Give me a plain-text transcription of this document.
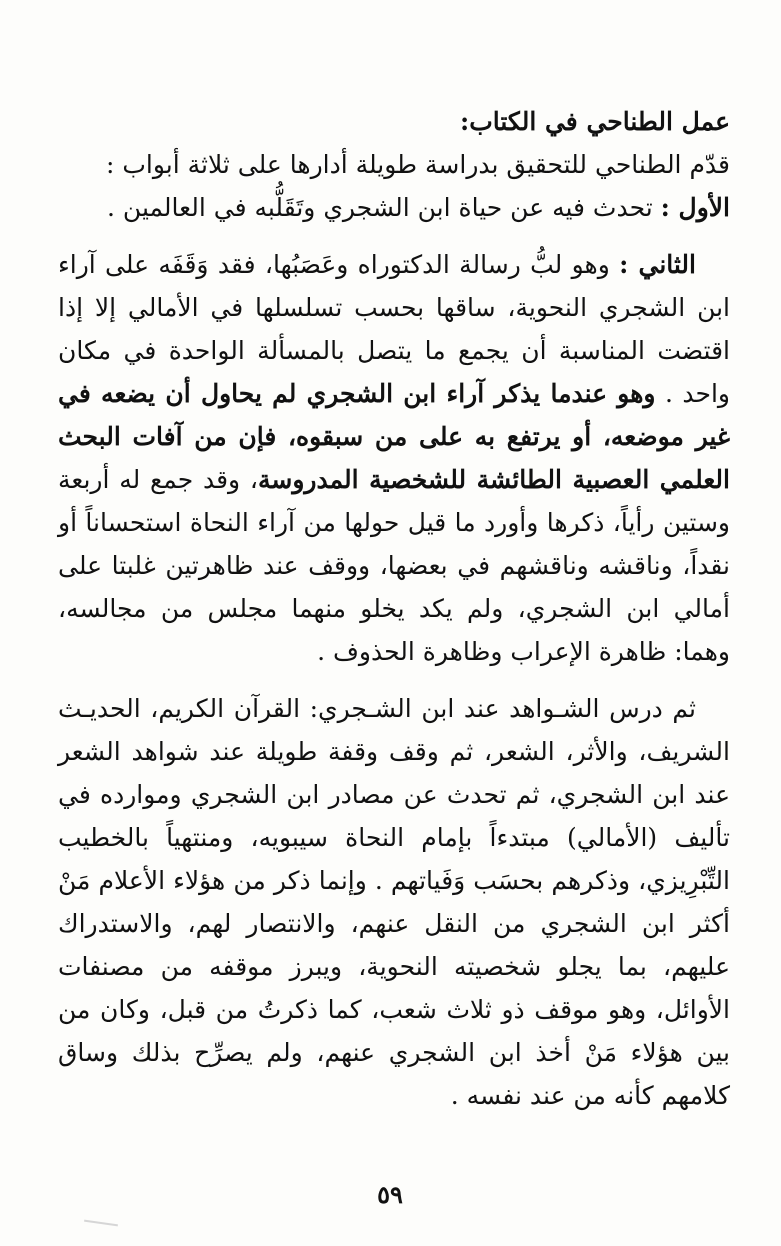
عمل الطناحي في الكتاب:

قدّم الطناحي للتحقيق بدراسة طويلة أدارها على ثلاثة أبواب :

الأول : تحدث فيه عن حياة ابن الشجري وتَقَلُّبه في العالمين .

الثاني : وهو لبُّ رسالة الدكتوراه وعَصَبُها، فقد وَقَفَه على آراء ابن الشجري النحوية، ساقها بحسب تسلسلها في الأمالي إلا إذا اقتضت المناسبة أن يجمع ما يتصل بالمسألة الواحدة في مكان واحد . وهو عندما يذكر آراء ابن الشجري لم يحاول أن يضعه في غير موضعه، أو يرتفع به على من سبقوه، فإن من آفات البحث العلمي العصبية الطائشة للشخصية المدروسة، وقد جمع له أربعة وستين رأياً، ذكرها وأورد ما قيل حولها من آراء النحاة استحساناً أو نقداً، وناقشه وناقشهم في بعضها، ووقف عند ظاهرتين غلبتا على أمالي ابن الشجري، ولم يكد يخلو منهما مجلس من مجالسه، وهما: ظاهرة الإعراب وظاهرة الحذوف .

ثم درس الشـواهد عند ابن الشـجري: القرآن الكريم، الحديـث الشريف، والأثر، الشعر، ثم وقف وقفة طويلة عند شواهد الشعر عند ابن الشجري، ثم تحدث عن مصادر ابن الشجري وموارده في تأليف (الأمالي) مبتدءاً بإمام النحاة سيبويه، ومنتهياً بالخطيب التِّبْرِيزي، وذكرهم بحسَب وَفَياتهم . وإنما ذكر من هؤلاء الأعلام مَنْ أكثر ابن الشجري من النقل عنهم، والانتصار لهم، والاستدراك عليهم، بما يجلو شخصيته النحوية، ويبرز موقفه من مصنفات الأوائل، وهو موقف ذو ثلاث شعب، كما ذكرتُ من قبل، وكان من بين هؤلاء مَنْ أخذ ابن الشجري عنهم، ولم يصرِّح بذلك وساق كلامهم كأنه من عند نفسه .

٥٩
